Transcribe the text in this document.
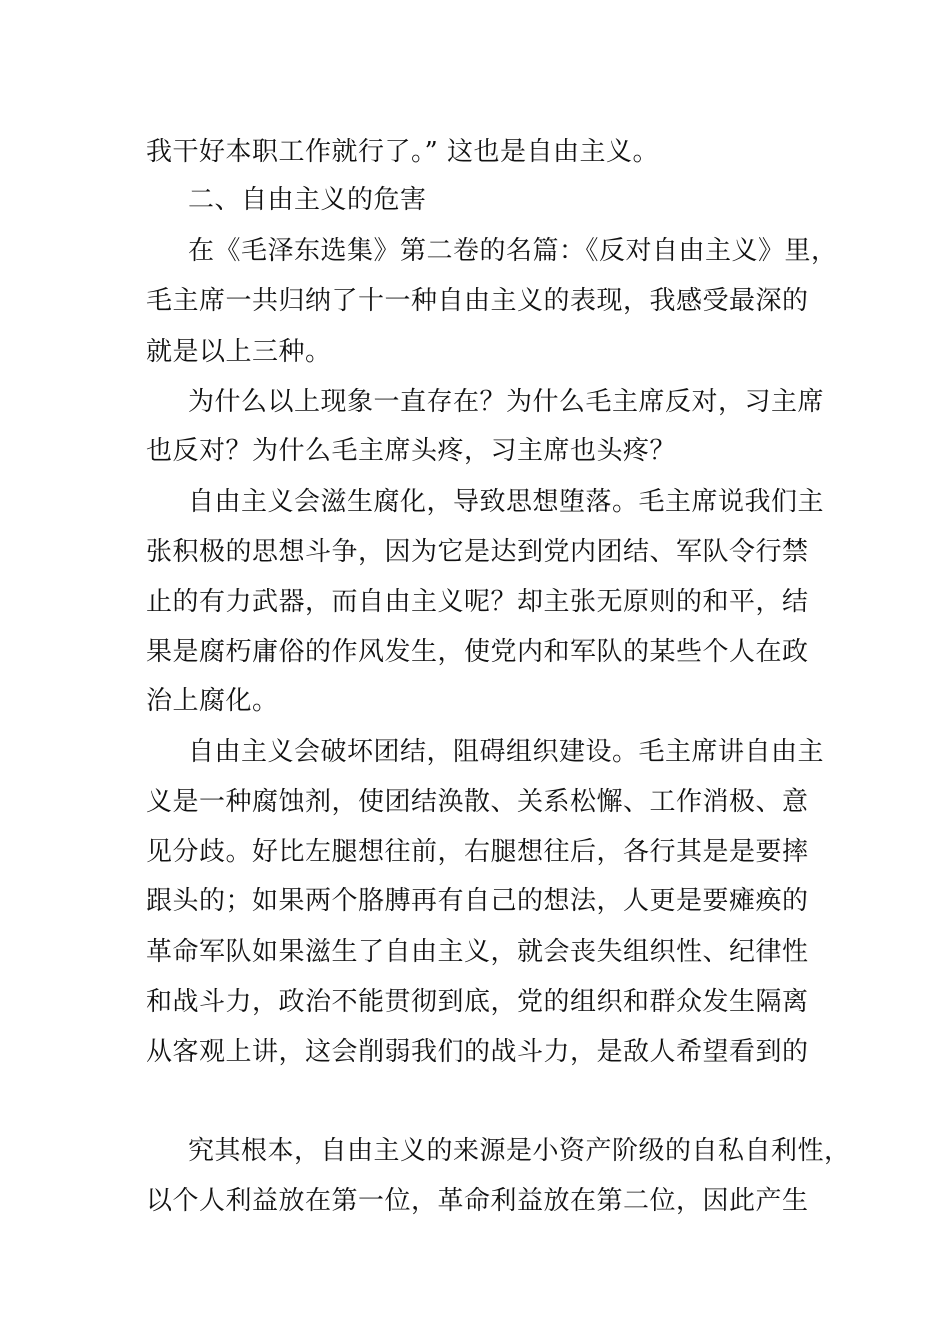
我干好本职工作就行了。” 这也是自由主义。
二、自由主义的危害
在《毛泽东选集》第二卷的名篇：《反对自由主义》里，
毛主席一共归纳了十一种自由主义的表现，我感受最深的
就是以上三种。
为什么以上现象一直存在？为什么毛主席反对，习主席
也反对？为什么毛主席头疼，习主席也头疼？
自由主义会滋生腐化，导致思想堕落。毛主席说我们主
张积极的思想斗争，因为它是达到党内团结、军队令行禁
止的有力武器，而自由主义呢？却主张无原则的和平，结
果是腐朽庸俗的作风发生，使党内和军队的某些个人在政
治上腐化。
自由主义会破坏团结，阻碍组织建设。毛主席讲自由主
义是一种腐蚀剂，使团结涣散、关系松懈、工作消极、意
见分歧。好比左腿想往前，右腿想往后，各行其是是要摔
跟头的；如果两个胳膊再有自己的想法，人更是要瘫痪的
革命军队如果滋生了自由主义，就会丧失组织性、纪律性
和战斗力，政治不能贯彻到底，党的组织和群众发生隔离
从客观上讲，这会削弱我们的战斗力，是敌人希望看到的
究其根本，自由主义的来源是小资产阶级的自私自利性，
以个人利益放在第一位，革命利益放在第二位，因此产生
